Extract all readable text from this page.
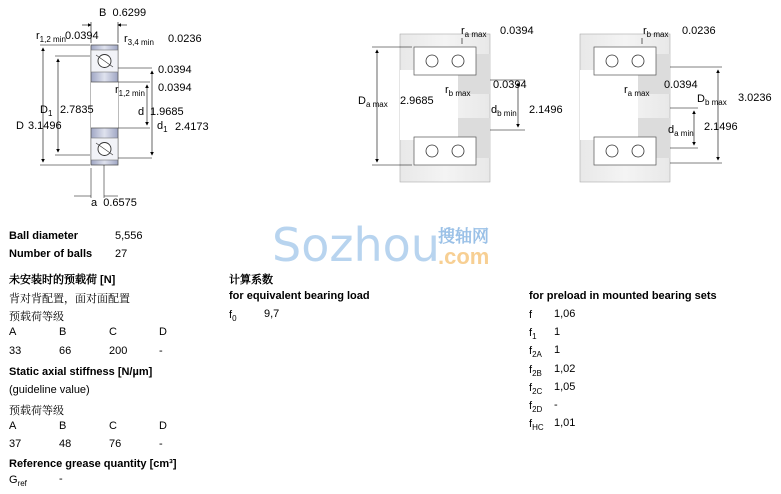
B 0.6299
$r_{1,2 min}$ 0.0394 $r_{3,4 min}$ 0.0236
0.0394
$r_{1,2 min}$ 0.0394
$D_1$ 2.7835	d 1.9685
D 3.1496	$d_1$ 2.4173
a 0.6575
$r_{a max}$ 0.0394
$r_{b max}$
0.0394
$D_{a max}$ 2.9685
$d_{b min}$ 2.1496
$r_{b max}$ 0.0236
$r_{a max}$
0.0394
$D_{b max}$ 3.0236
$d_{a min}$
2.1496
Sozhou
搜轴网
.com
Ball diameter	5,556
Number of balls 27
未安装时的预载荷 [N]
背对背配置，面对面配置
预载荷等级
A	B	C	D
33	66	200	-
Static axial stiffness [N/µm]
(guideline value)
预载荷等级
A	B	C	D
37	48	76	-
Reference grease quantity [cm³]
$G_{ref}$	-
计算系数
for equivalent bearing load
$f_0$ 9,7
for preload in mounted bearing sets
f 1,06
$f_1$ 1
$f_{2A}$ 1
$f_{2B}$ 1,02
$f_{2C}$ 1,05
$f_{2D}$ -
$f_{HC}$ 1,01
